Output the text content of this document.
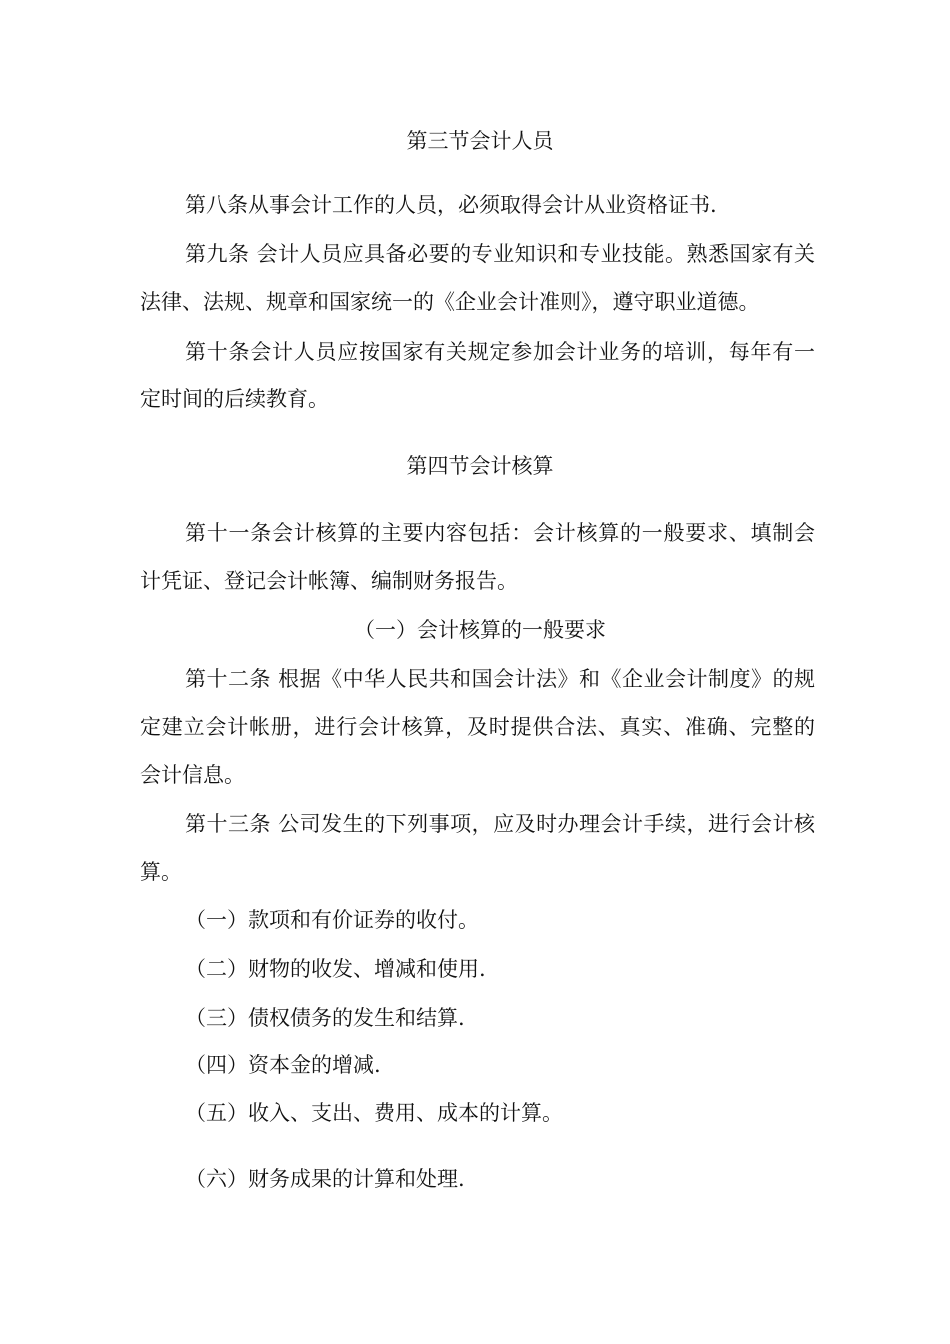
第三节会计人员
第八条从事会计工作的人员，必须取得会计从业资格证书.
第九条 会计人员应具备必要的专业知识和专业技能。熟悉国家有关
法律、法规、规章和国家统一的《企业会计准则》，遵守职业道德。
第十条会计人员应按国家有关规定参加会计业务的培训，每年有一
定时间的后续教育。
第四节会计核算
第十一条会计核算的主要内容包括：会计核算的一般要求、填制会
计凭证、登记会计帐簿、编制财务报告。
（一）会计核算的一般要求
第十二条 根据《中华人民共和国会计法》和《企业会计制度》的规
定建立会计帐册，进行会计核算，及时提供合法、真实、准确、完整的
会计信息。
第十三条 公司发生的下列事项，应及时办理会计手续，进行会计核
算。
（一）款项和有价证券的收付。
（二）财物的收发、增减和使用.
（三）债权债务的发生和结算.
（四）资本金的增减.
（五）收入、支出、费用、成本的计算。
（六）财务成果的计算和处理.
